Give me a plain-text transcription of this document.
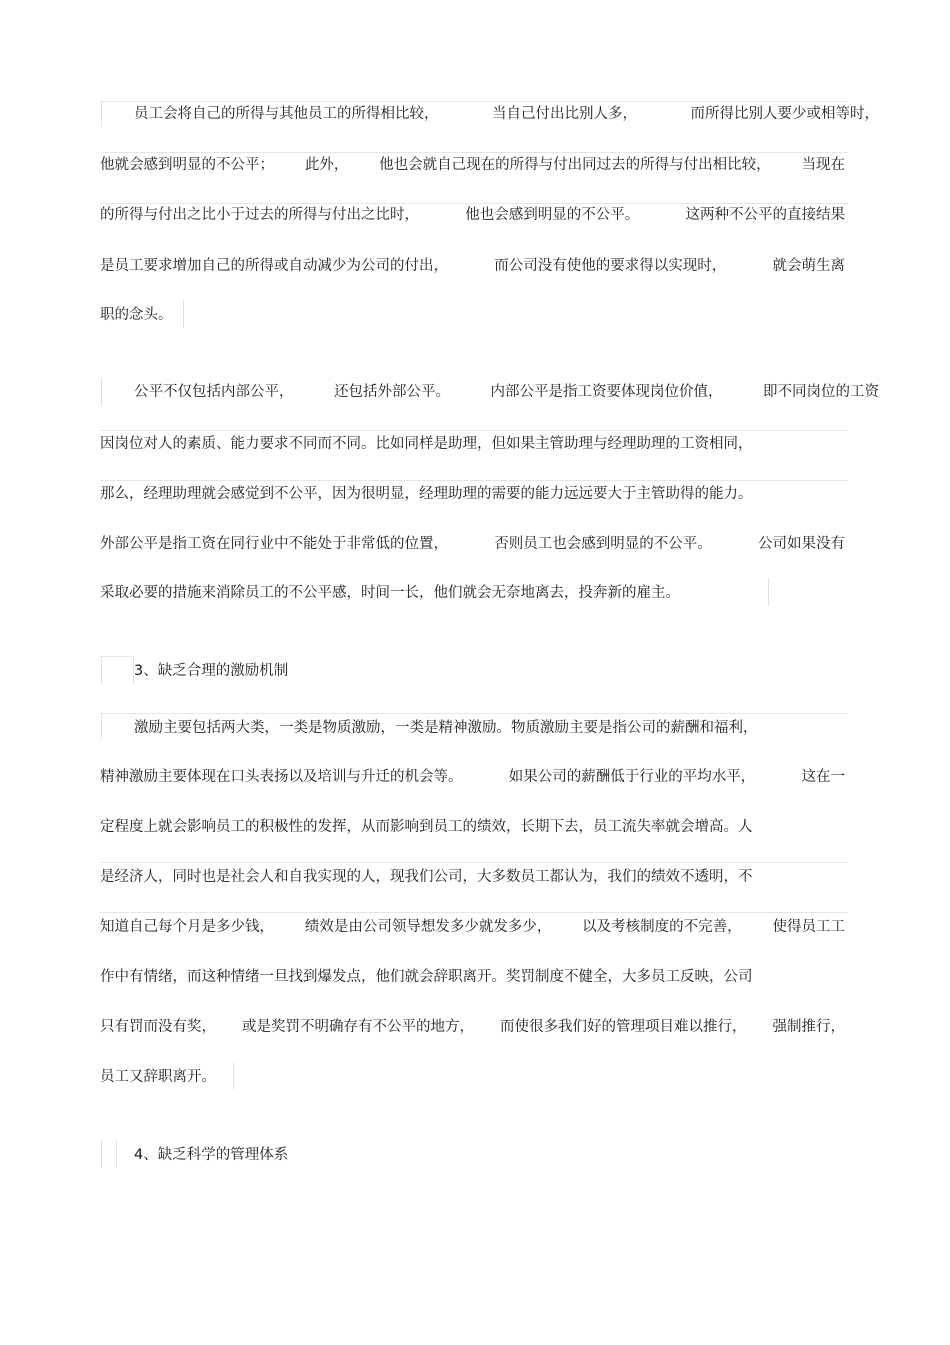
员工会将自己的所得与其他员工的所得相比较，	当自己付出比别人多，	而所得比别人要少或相等时，
他就会感到明显的不公平； 此外， 他也会就自己现在的所得与付出同过去的所得与付出相比较， 当现在
的所得与付出之比小于过去的所得与付出之比时，	他也会感到明显的不公平。	这两种不公平的直接结果
是员工要求增加自己的所得或自动减少为公司的付出，	而公司没有使他的要求得以实现时，	就会萌生离
职的念头。
公平不仅包括内部公平，	还包括外部公平。	内部公平是指工资要体现岗位价值，	即不同岗位的工资
因岗位对人的素质、能力要求不同而不同。比如同样是助理，但如果主管助理与经理助理的工资相同，
那么，经理助理就会感觉到不公平，因为很明显，经理助理的需要的能力远远要大于主管助得的能力。
外部公平是指工资在同行业中不能处于非常低的位置，	否则员工也会感到明显的不公平。	公司如果没有
采取必要的措施来消除员工的不公平感，时间一长，他们就会无奈地离去，投奔新的雇主。
3、缺乏合理的激励机制
激励主要包括两大类，一类是物质激励，一类是精神激励。物质激励主要是指公司的薪酬和福利，
精神激励主要体现在口头表扬以及培训与升迁的机会等。	如果公司的薪酬低于行业的平均水平，	这在一
定程度上就会影响员工的积极性的发挥，从而影响到员工的绩效，长期下去，员工流失率就会增高。人
是经济人，同时也是社会人和自我实现的人，现我们公司，大多数员工都认为，我们的绩效不透明，不
知道自己每个月是多少钱， 绩效是由公司领导想发多少就发多少， 以及考核制度的不完善， 使得员工工
作中有情绪，而这种情绪一旦找到爆发点，他们就会辞职离开。奖罚制度不健全，大多员工反映，公司
只有罚而没有奖， 或是奖罚不明确存有不公平的地方， 而使很多我们好的管理项目难以推行， 强制推行，
员工又辞职离开。
4、缺乏科学的管理体系
